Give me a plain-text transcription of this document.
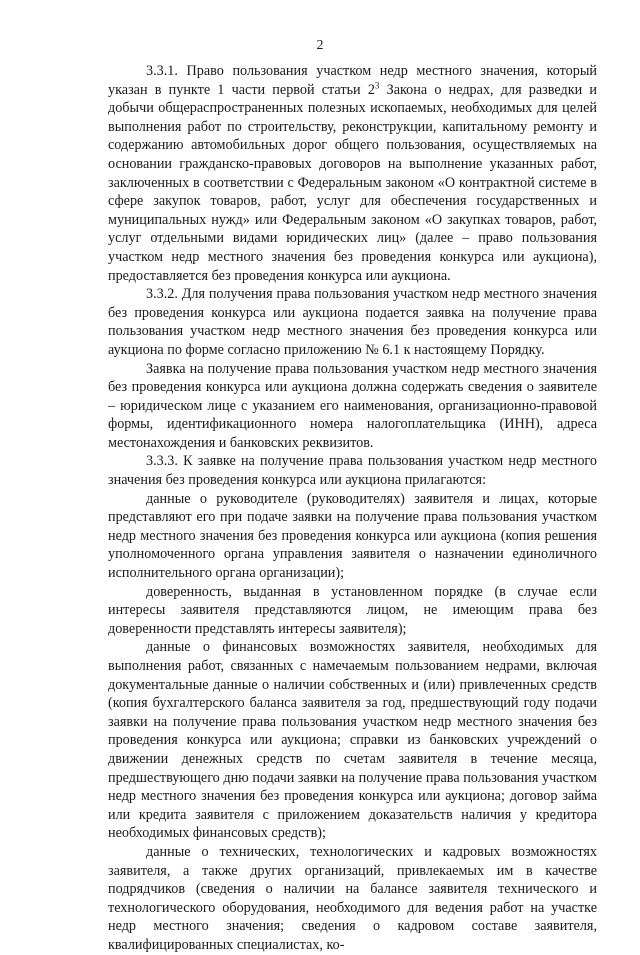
2

3.3.1. Право пользования участком недр местного значения, который указан в пункте 1 части первой статьи $2^3$ Закона о недрах, для разведки и добычи общераспространенных полезных ископаемых, необходимых для целей выполнения работ по строительству, реконструкции, капитальному ремонту и содержанию автомобильных дорог общего пользования, осуществляемых на основании гражданско-правовых договоров на выполнение указанных работ, заключенных в соответствии с Федеральным законом «О контрактной системе в сфере закупок товаров, работ, услуг для обеспечения государственных и муниципальных нужд» или Федеральным законом «О закупках товаров, работ, услуг отдельными видами юридических лиц» (далее – право пользования участком недр местного значения без проведения конкурса или аукциона), предоставляется без проведения конкурса или аукциона.

3.3.2. Для получения права пользования участком недр местного значения без проведения конкурса или аукциона подается заявка на получение права пользования участком недр местного значения без проведения конкурса или аукциона по форме согласно приложению № 6.1 к настоящему Порядку.

Заявка на получение права пользования участком недр местного значения без проведения конкурса или аукциона должна содержать сведения о заявителе – юридическом лице с указанием его наименования, организационно-правовой формы, идентификационного номера налогоплательщика (ИНН), адреса местонахождения и банковских реквизитов.

3.3.3. К заявке на получение права пользования участком недр местного значения без проведения конкурса или аукциона прилагаются:

данные о руководителе (руководителях) заявителя и лицах, которые представляют его при подаче заявки на получение права пользования участком недр местного значения без проведения конкурса или аукциона (копия решения уполномоченного органа управления заявителя о назначении единоличного исполнительного органа организации);

доверенность, выданная в установленном порядке (в случае если интересы заявителя представляются лицом, не имеющим права без доверенности представлять интересы заявителя);

данные о финансовых возможностях заявителя, необходимых для выполнения работ, связанных с намечаемым пользованием недрами, включая документальные данные о наличии собственных и (или) привлеченных средств (копия бухгалтерского баланса заявителя за год, предшествующий году подачи заявки на получение права пользования участком недр местного значения без проведения конкурса или аукциона; справки из банковских учреждений о движении денежных средств по счетам заявителя в течение месяца, предшествующего дню подачи заявки на получение права пользования участком недр местного значения без проведения конкурса или аукциона; договор займа или кредита заявителя с приложением доказательств наличия у кредитора необходимых финансовых средств);

данные о технических, технологических и кадровых возможностях заявителя, а также других организаций, привлекаемых им в качестве подрядчиков (сведения о наличии на балансе заявителя технического и технологического оборудования, необходимого для ведения работ на участке недр местного значения; сведения о кадровом составе заявителя, квалифицированных специалистах, ко-
